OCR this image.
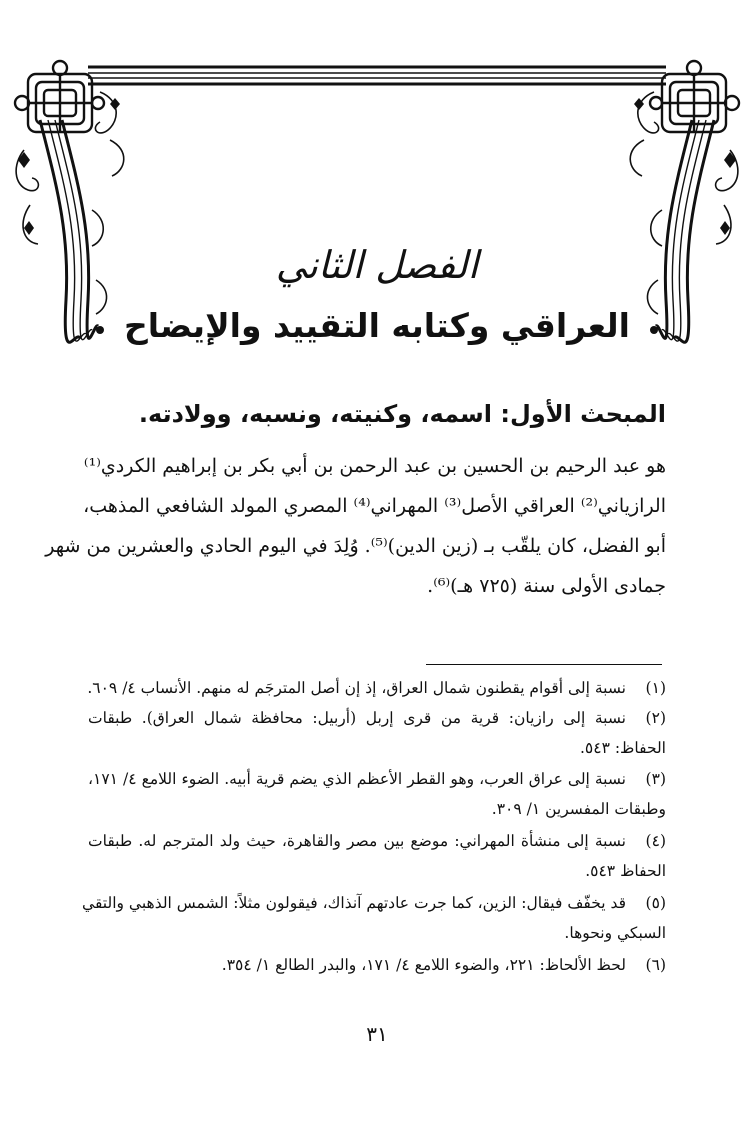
الفصل الثاني
العراقي وكتابه التقييد والإيضاح
المبحث الأول: اسمه، وكنيته، ونسبه، وولادته.
هو عبد الرحيم بن الحسين بن عبد الرحمن بن أبي بكر بن إبراهيم الكردي⁽¹⁾
الرازياني⁽²⁾ العراقي الأصل⁽³⁾ المهراني⁽⁴⁾ المصري المولد الشافعي المذهب،
أبو الفضل، كان يلقّب بـ (زين الدين)⁽⁵⁾. وُلِدَ في اليوم الحادي والعشرين من شهر
جمادى الأولى سنة (٧٢٥ هـ)⁽⁶⁾.
(١)
نسبة إلى أقوام يقطنون شمال العراق، إذ إن أصل المترجَم له منهم. الأنساب ٤/ ٦٠٩.
(٢)
نسبة إلى رازيان: قرية من قرى إربل (أربيل: محافظة شمال العراق). طبقات
الحفاظ: ٥٤٣.
(٣)
نسبة إلى عراق العرب، وهو القطر الأعظم الذي يضم قرية أبيه. الضوء اللامع ٤/ ١٧١،
وطبقات المفسرين ١/ ٣٠٩.
(٤)
نسبة إلى منشأة المهراني: موضع بين مصر والقاهرة، حيث ولد المترجم له. طبقات
الحفاظ ٥٤٣.
(٥)
قد يخفّف فيقال: الزين، كما جرت عادتهم آنذاك، فيقولون مثلاً: الشمس الذهبي والتقي
السبكي ونحوها.
(٦)
لحظ الألحاظ: ٢٢١، والضوء اللامع ٤/ ١٧١، والبدر الطالع ١/ ٣٥٤.
٣١
